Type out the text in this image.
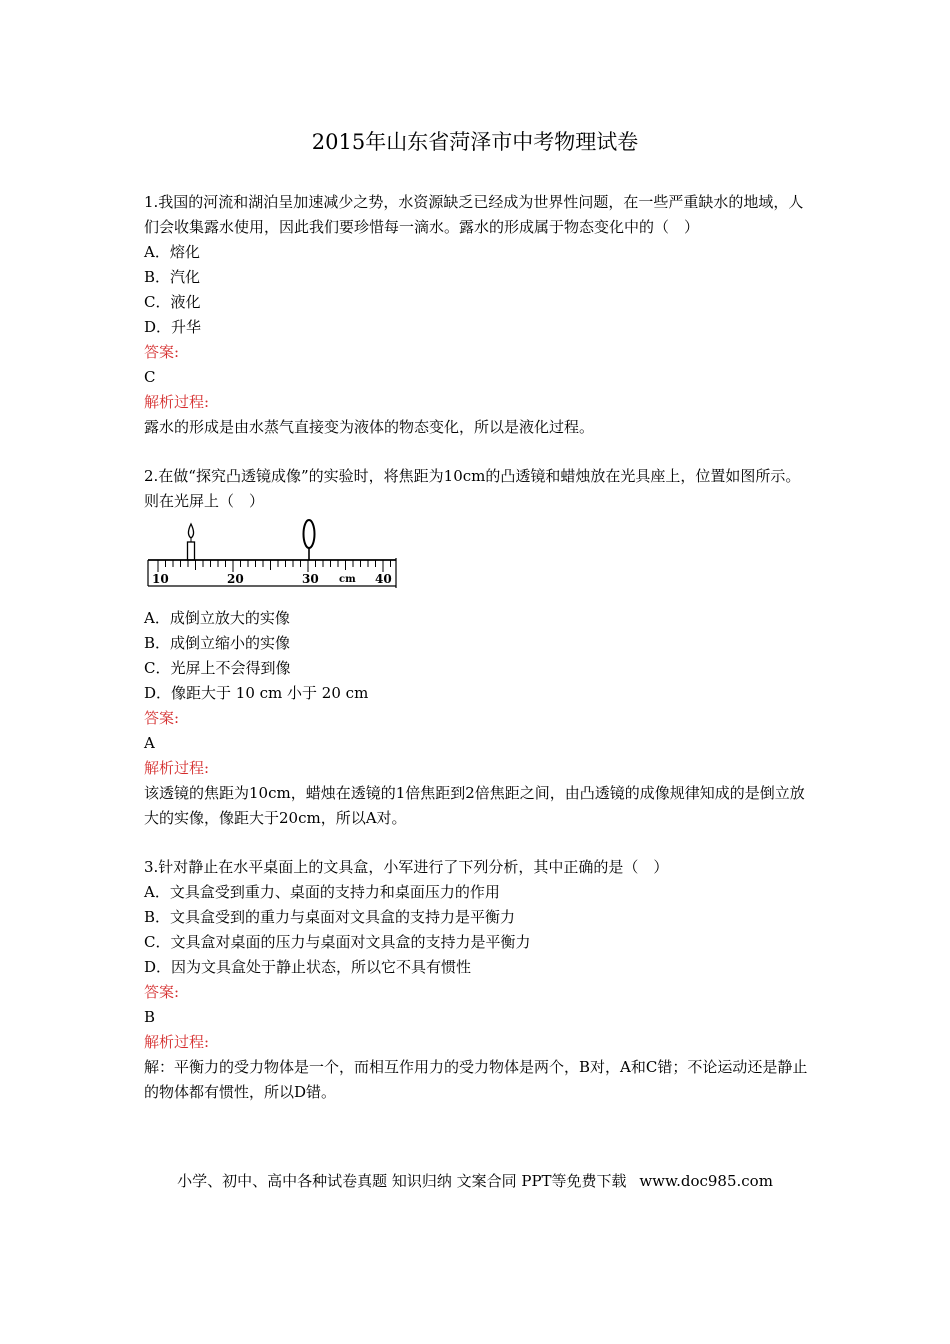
2015年山东省菏泽市中考物理试卷

1.我国的河流和湖泊呈加速减少之势，水资源缺乏已经成为世界性问题，在一些严重缺水的地域，人们会收集露水使用，因此我们要珍惜每一滴水。露水的形成属于物态变化中的（　）

A．熔化

B．汽化

C．液化

D．升华

答案:

C

解析过程:

露水的形成是由水蒸气直接变为液体的物态变化，所以是液化过程。

2.在做“探究凸透镜成像”的实验时，将焦距为10cm的凸透镜和蜡烛放在光具座上，位置如图所示。则在光屏上（　）

10	20	30 cm 40

A．成倒立放大的实像

B．成倒立缩小的实像

C．光屏上不会得到像

D．像距大于 10 cm 小于 20 cm

答案:

A

解析过程:

该透镜的焦距为10cm，蜡烛在透镜的1倍焦距到2倍焦距之间，由凸透镜的成像规律知成的是倒立放大的实像，像距大于20cm，所以A对。

3.针对静止在水平桌面上的文具盒，小军进行了下列分析，其中正确的是（　）

A．文具盒受到重力、桌面的支持力和桌面压力的作用

B．文具盒受到的重力与桌面对文具盒的支持力是平衡力

C．文具盒对桌面的压力与桌面对文具盒的支持力是平衡力

D．因为文具盒处于静止状态，所以它不具有惯性

答案:

B

解析过程:

解：平衡力的受力物体是一个，而相互作用力的受力物体是两个，B对，A和C错；不论运动还是静止的物体都有惯性，所以D错。

小学、初中、高中各种试卷真题 知识归纳 文案合同 PPT等免费下载 www.doc985.com
